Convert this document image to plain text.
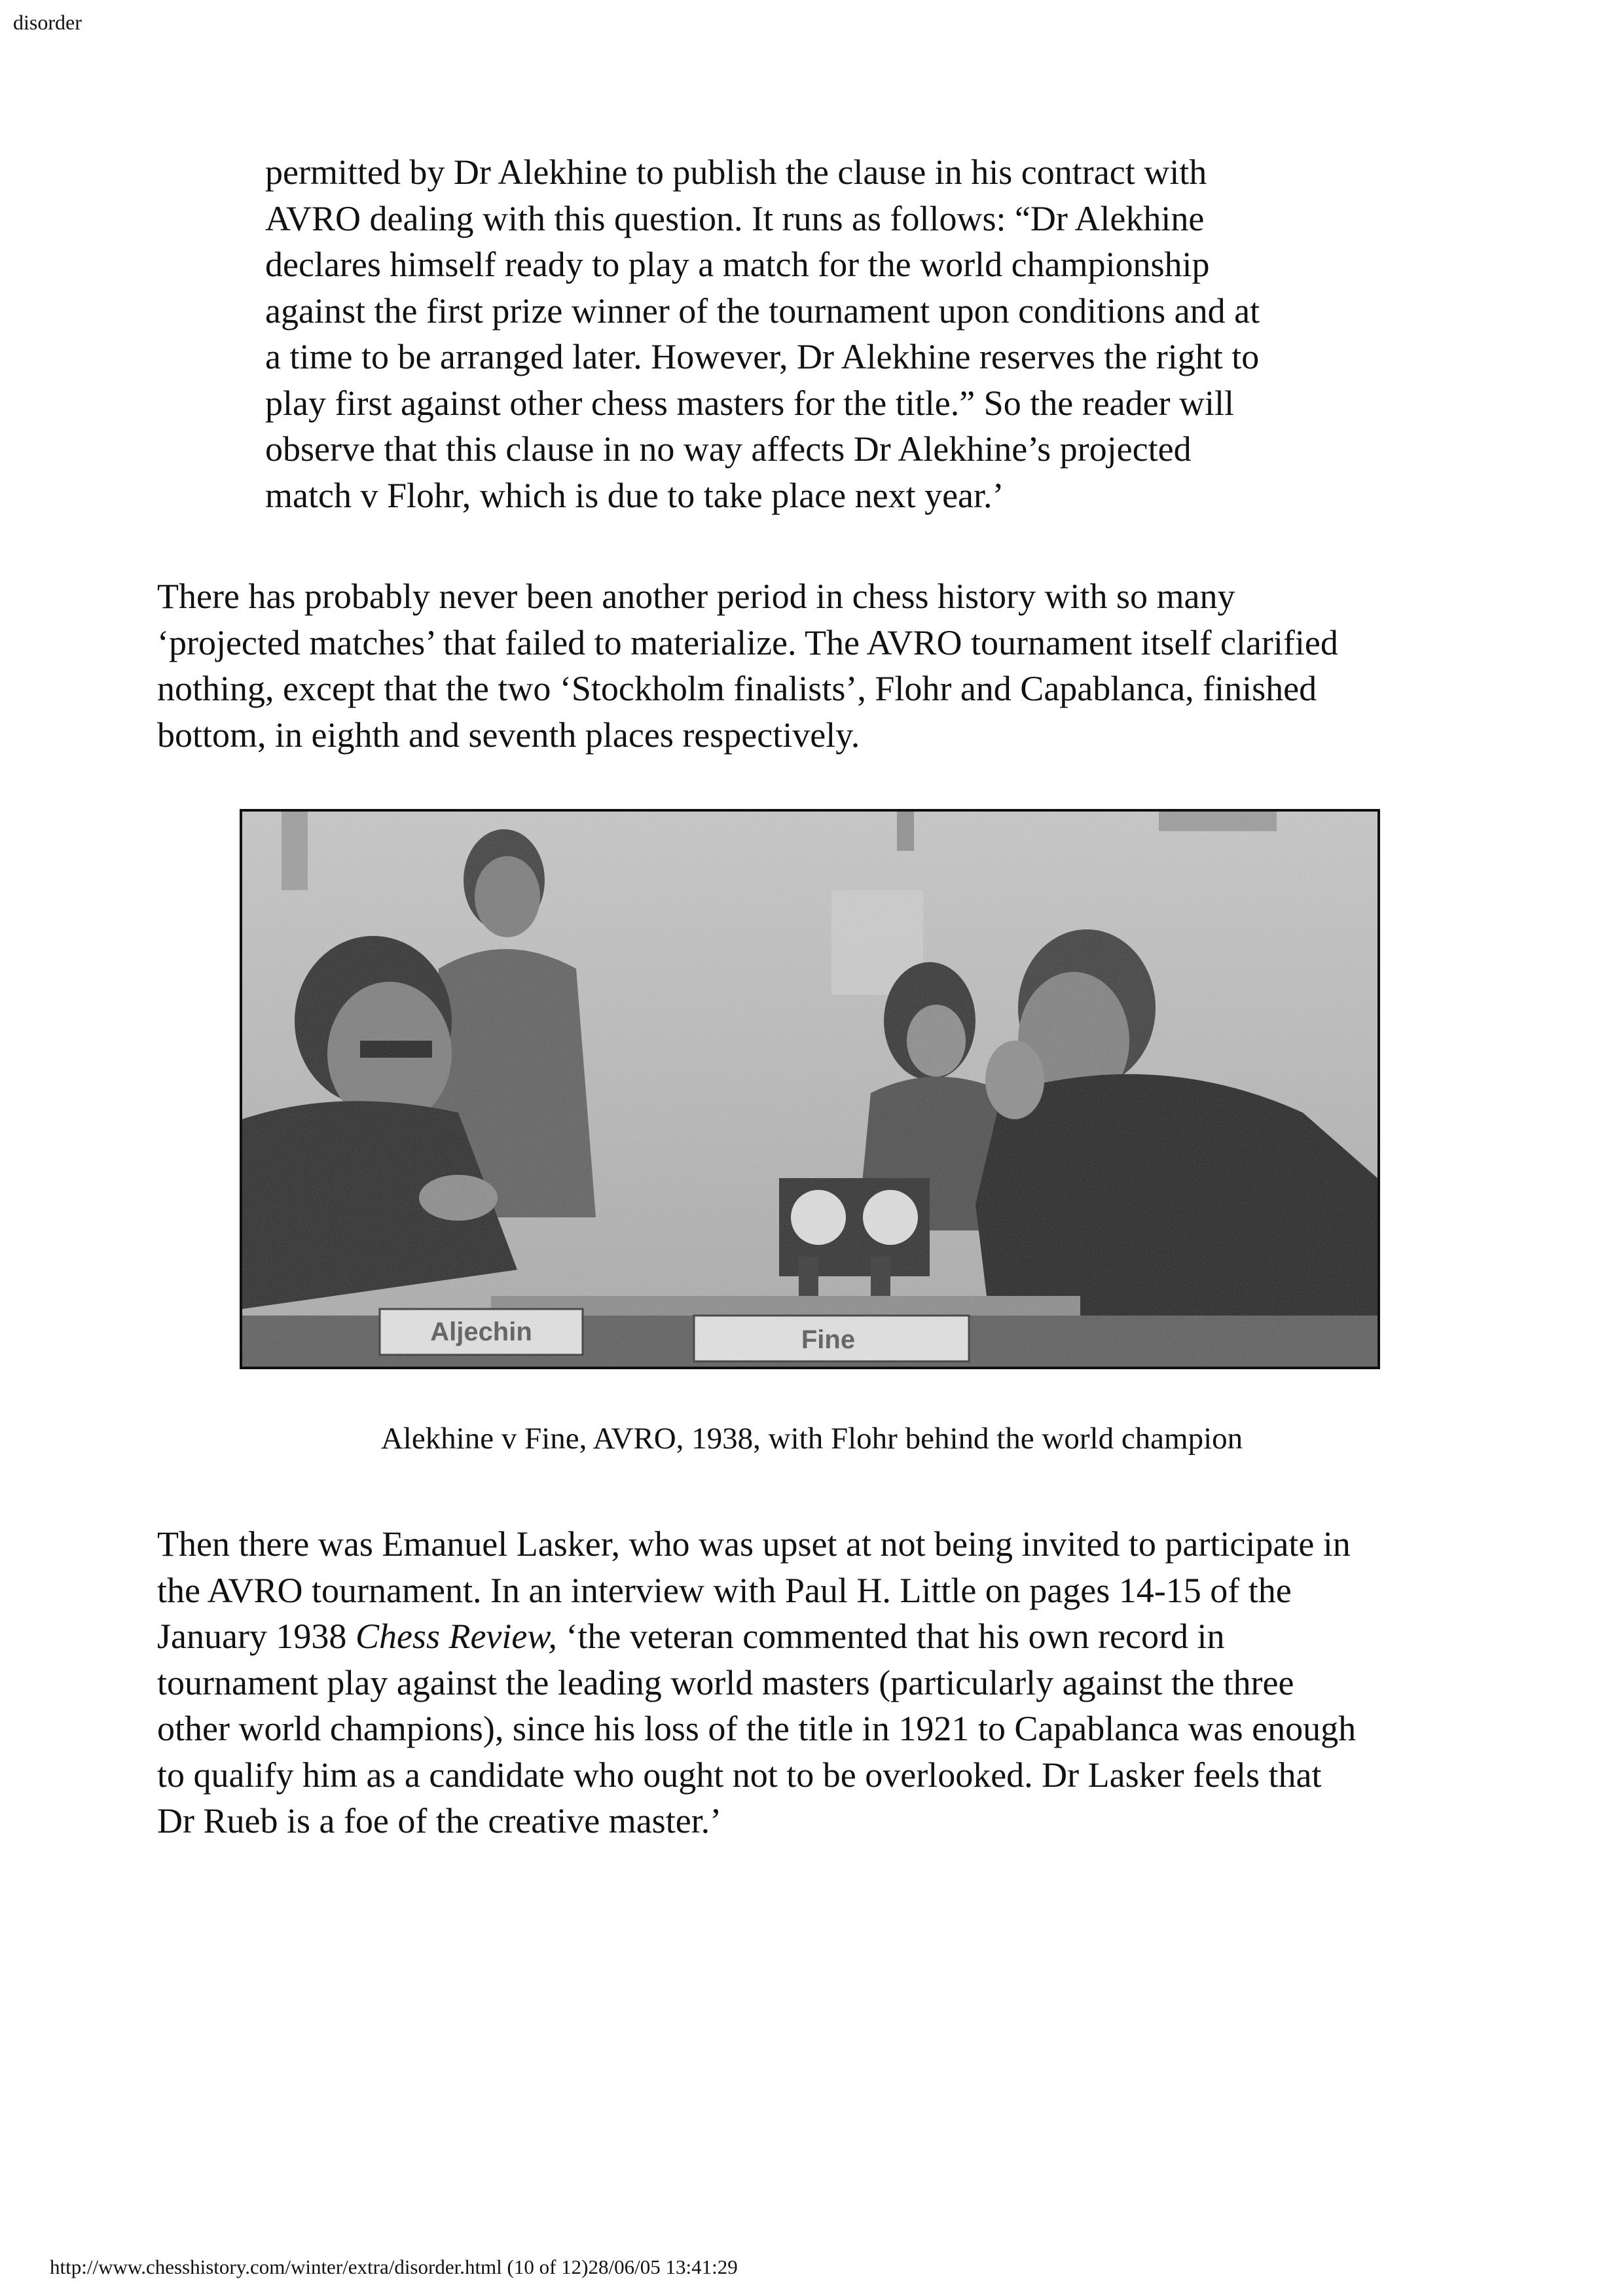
disorder
permitted by Dr Alekhine to publish the clause in his contract with
AVRO dealing with this question. It runs as follows: “Dr Alekhine
declares himself ready to play a match for the world championship
against the first prize winner of the tournament upon conditions and at
a time to be arranged later. However, Dr Alekhine reserves the right to
play first against other chess masters for the title.” So the reader will
observe that this clause in no way affects Dr Alekhine’s projected
match v Flohr, which is due to take place next year.’
There has probably never been another period in chess history with so many
‘projected matches’ that failed to materialize. The AVRO tournament itself clarified
nothing, except that the two ‘Stockholm finalists’, Flohr and Capablanca, finished
bottom, in eighth and seventh places respectively.
Alekhine v Fine, AVRO, 1938, with Flohr behind the world champion
Then there was Emanuel Lasker, who was upset at not being invited to participate in
the AVRO tournament. In an interview with Paul H. Little on pages 14-15 of the
January 1938 Chess Review, ‘the veteran commented that his own record in
tournament play against the leading world masters (particularly against the three
other world champions), since his loss of the title in 1921 to Capablanca was enough
to qualify him as a candidate who ought not to be overlooked. Dr Lasker feels that
Dr Rueb is a foe of the creative master.’
http://www.chesshistory.com/winter/extra/disorder.html (10 of 12)28/06/05 13:41:29
